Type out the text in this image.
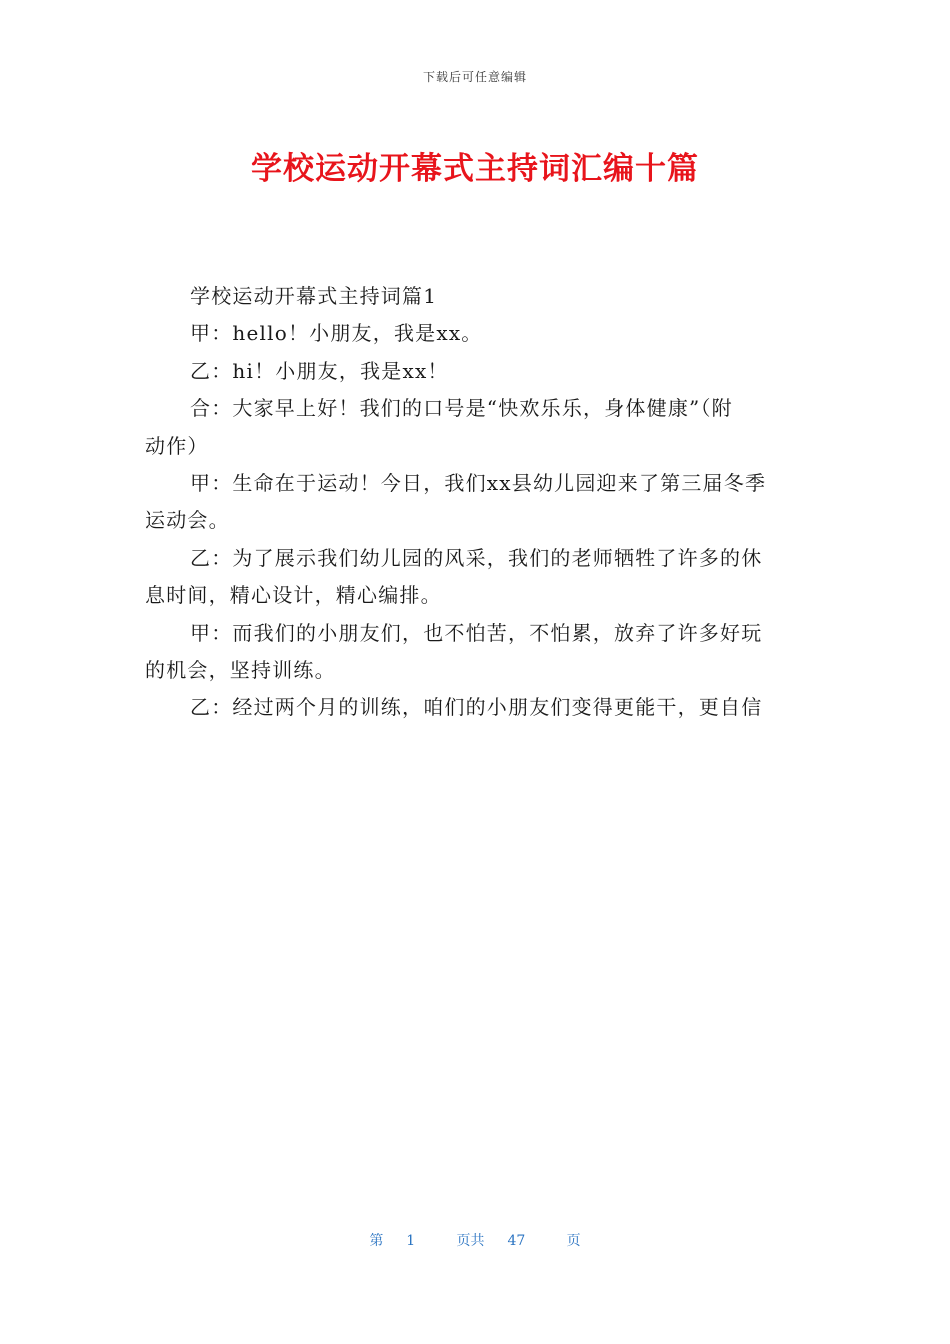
下载后可任意编辑
学校运动开幕式主持词汇编十篇
学校运动开幕式主持词篇1
甲：hello！小朋友，我是xx。
乙：hi！小朋友，我是xx！
合：大家早上好！我们的口号是“快欢乐乐，身体健康”（附
动作）
甲：生命在于运动！今日，我们xx县幼儿园迎来了第三届冬季
运动会。
乙：为了展示我们幼儿园的风采，我们的老师牺牲了许多的休
息时间，精心设计，精心编排。
甲：而我们的小朋友们，也不怕苦，不怕累，放弃了许多好玩
的机会，坚持训练。
乙：经过两个月的训练，咱们的小朋友们变得更能干，更自信
第 1	页共 47	页
